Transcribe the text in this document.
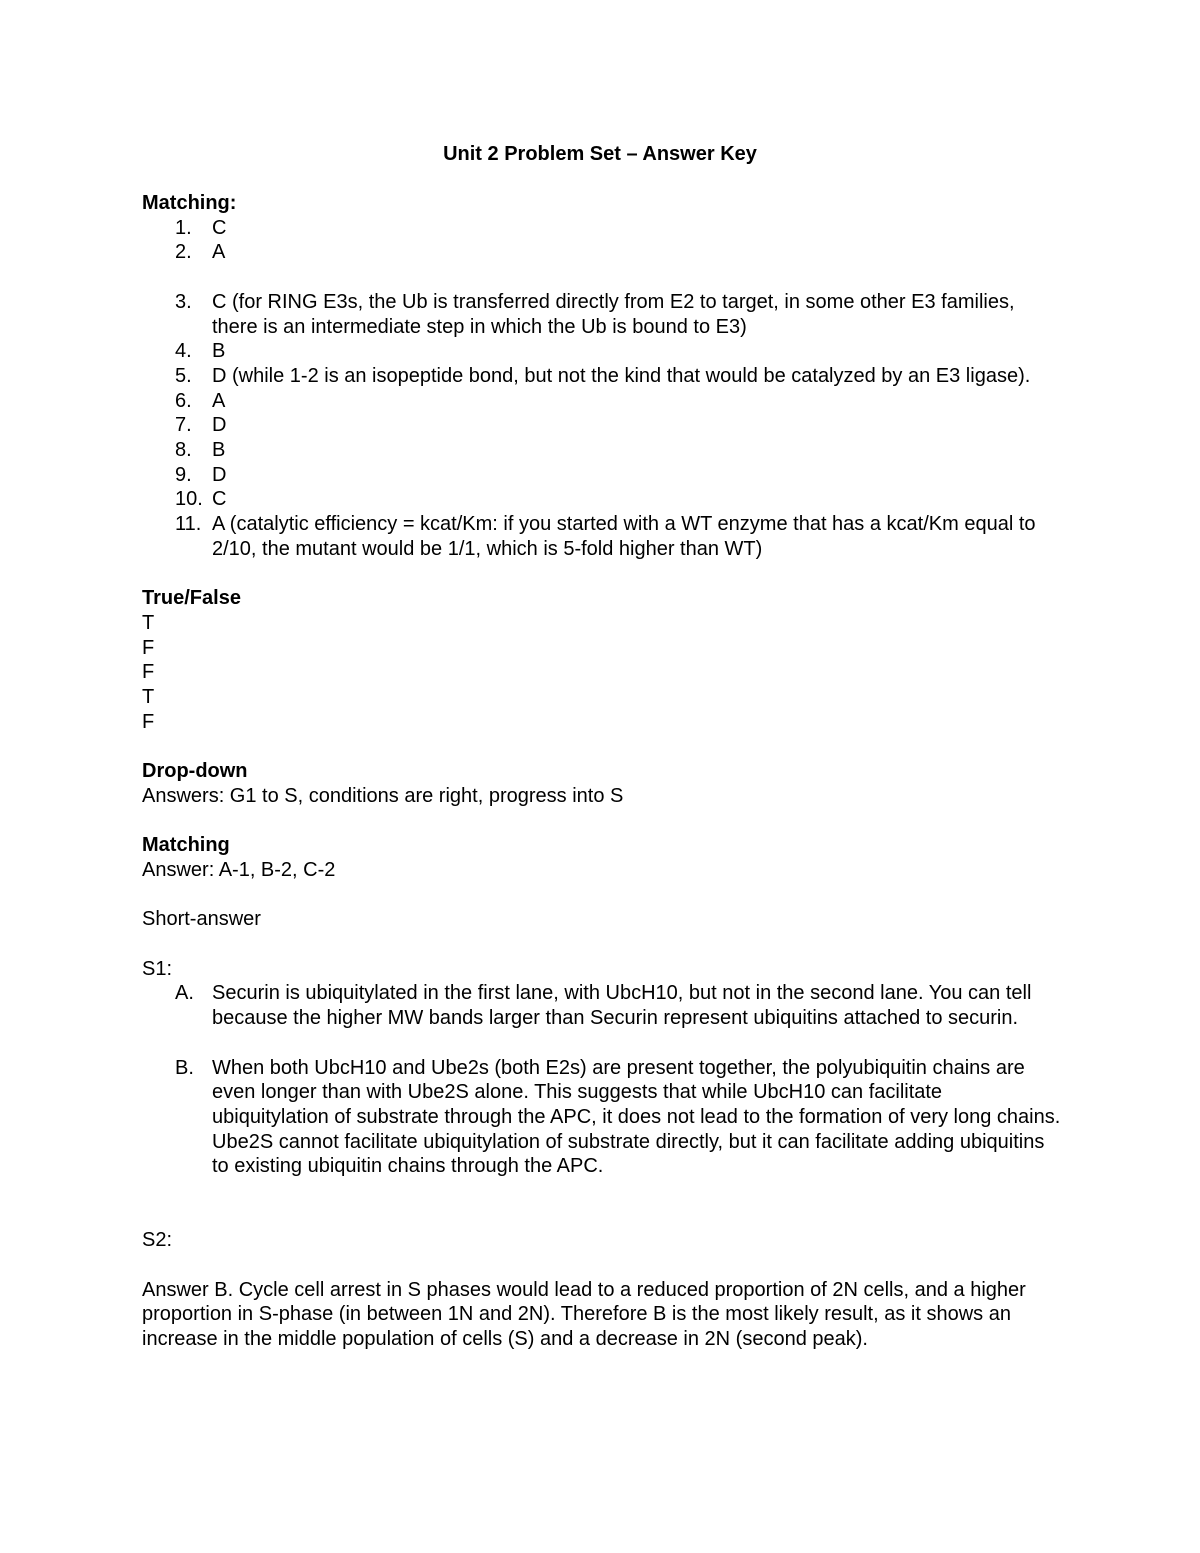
Unit 2 Problem Set – Answer Key

Matching:

1. C
2. A
3. C (for RING E3s, the Ub is transferred directly from E2 to target, in some other E3 families, there is an intermediate step in which the Ub is bound to E3)
4. B
5. D (while 1-2 is an isopeptide bond, but not the kind that would be catalyzed by an E3 ligase).
6. A
7. D
8. B
9. D
10. C
11. A (catalytic efficiency = kcat/Km: if you started with a WT enzyme that has a kcat/Km equal to 2/10, the mutant would be 1/1, which is 5-fold higher than WT)

True/False

T

F

F

T

F

Drop-down

Answers: G1 to S, conditions are right, progress into S

Matching

Answer: A-1, B-2, C-2

Short-answer

S1:

A. Securin is ubiquitylated in the first lane, with UbcH10, but not in the second lane. You can tell because the higher MW bands larger than Securin represent ubiquitins attached to securin.
B. When both UbcH10 and Ube2s (both E2s) are present together, the polyubiquitin chains are even longer than with Ube2S alone. This suggests that while UbcH10 can facilitate ubiquitylation of substrate through the APC, it does not lead to the formation of very long chains. Ube2S cannot facilitate ubiquitylation of substrate directly, but it can facilitate adding ubiquitins to existing ubiquitin chains through the APC.

S2:

Answer B. Cycle cell arrest in S phases would lead to a reduced proportion of 2N cells, and a higher proportion in S-phase (in between 1N and 2N). Therefore B is the most likely result, as it shows an increase in the middle population of cells (S) and a decrease in 2N (second peak).
